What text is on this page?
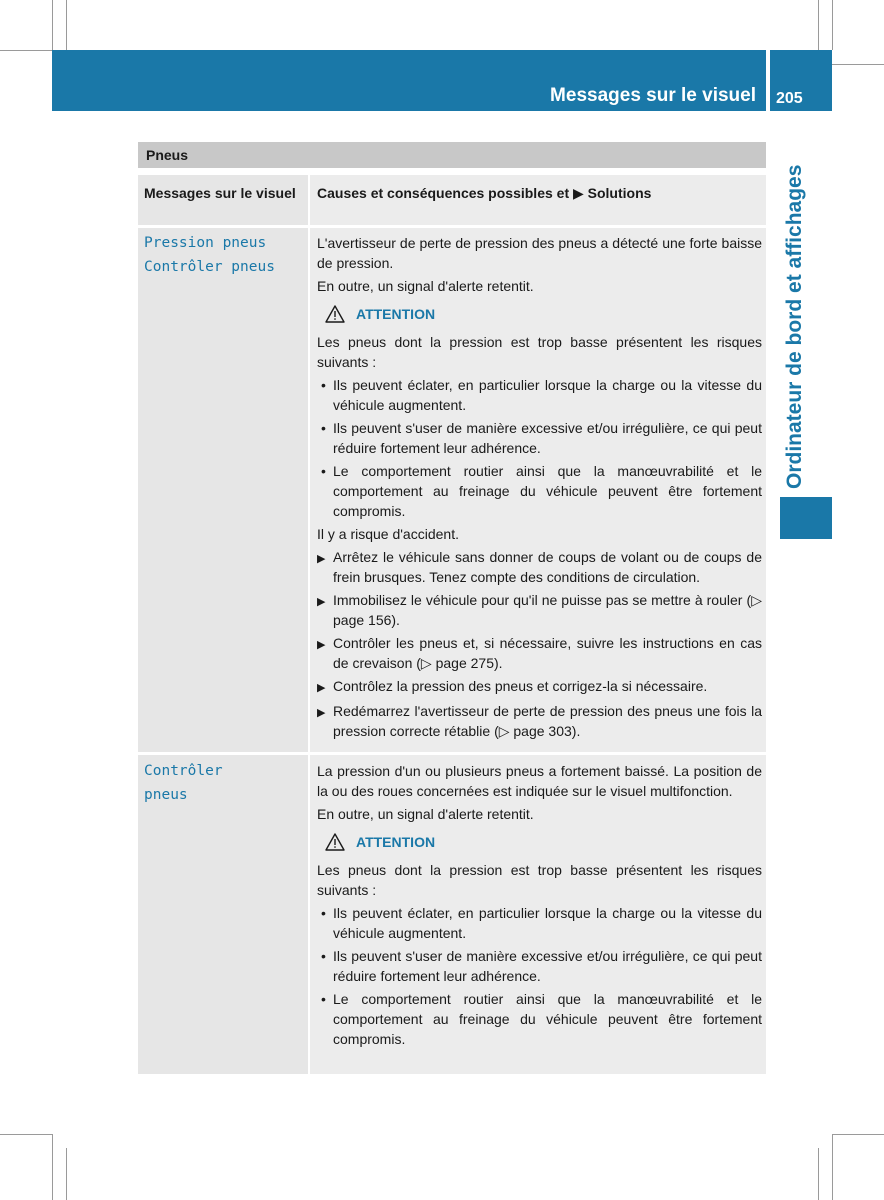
Messages sur le visuel 205
Ordinateur de bord et affichages
Pneus
Messages sur le visuel Causes et conséquences possibles et ▶ Solutions
Pression pneus
Contrôler pneus

L'avertisseur de perte de pression des pneus a détecté une forte baisse de pression.

En outre, un signal d'alerte retentit.

ATTENTION

Les pneus dont la pression est trop basse présentent les risques suivants :

• Ils peuvent éclater, en particulier lorsque la charge ou la vitesse du véhicule augmentent.
• Ils peuvent s'user de manière excessive et/ou irrégulière, ce qui peut réduire fortement leur adhérence.
• Le comportement routier ainsi que la manœuvrabilité et le comportement au freinage du véhicule peuvent être fortement compromis.

Il y a risque d'accident.

▶ Arrêtez le véhicule sans donner de coups de volant ou de coups de frein brusques. Tenez compte des conditions de circulation.
▶ Immobilisez le véhicule pour qu'il ne puisse pas se mettre à rouler (▷ page 156).
▶ Contrôler les pneus et, si nécessaire, suivre les instructions en cas de crevaison (▷ page 275).
▶ Contrôlez la pression des pneus et corrigez-la si nécessaire.
▶ Redémarrez l'avertisseur de perte de pression des pneus une fois la pression correcte rétablie (▷ page 303).
Contrôler
pneus

La pression d'un ou plusieurs pneus a fortement baissé. La position de la ou des roues concernées est indiquée sur le visuel multifonction.

En outre, un signal d'alerte retentit.

ATTENTION

Les pneus dont la pression est trop basse présentent les risques suivants :

• Ils peuvent éclater, en particulier lorsque la charge ou la vitesse du véhicule augmentent.
• Ils peuvent s'user de manière excessive et/ou irrégulière, ce qui peut réduire fortement leur adhérence.
• Le comportement routier ainsi que la manœuvrabilité et le comportement au freinage du véhicule peuvent être fortement compromis.
